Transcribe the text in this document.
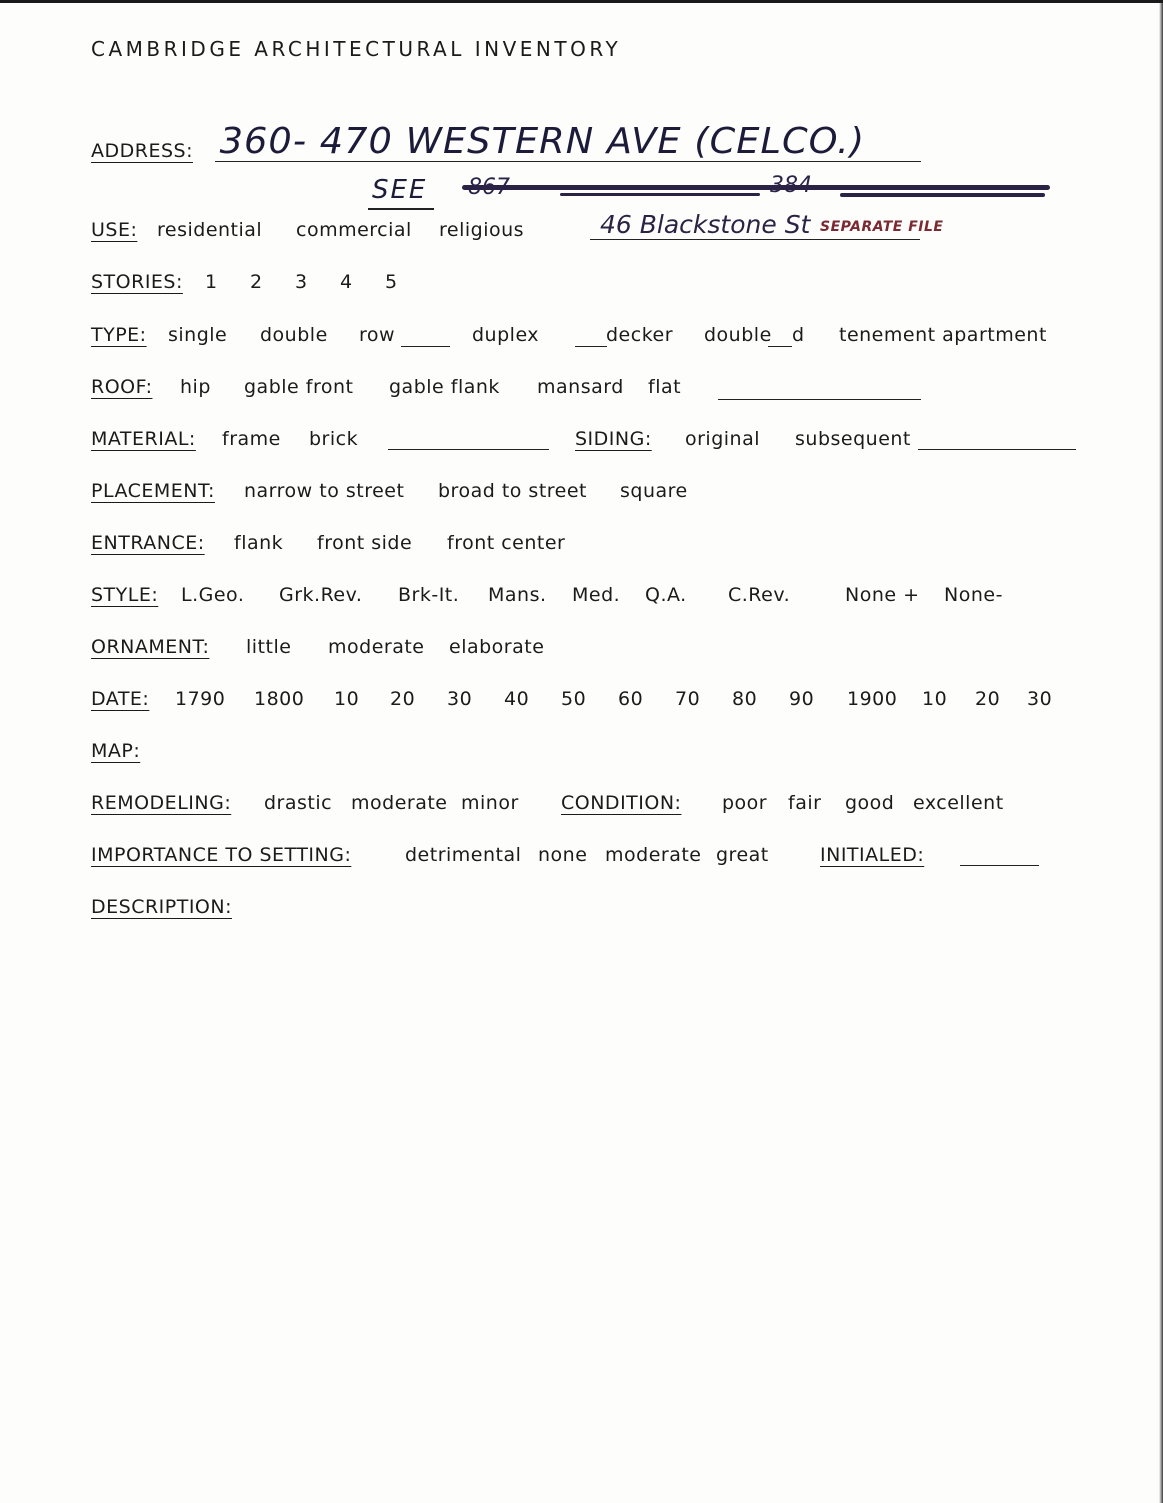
CAMBRIDGE ARCHITECTURAL INVENTORY
ADDRESS: 360- 470 WESTERN AVE (CELCO.)
SEE 867	384
USE: residential commercial religious	46 Blackstone St SEPARATE FILE
STORIES: 1 2 3 4 5
TYPE: single double row	duplex	decker double d tenement apartment
ROOF: hip gable front gable flank mansard flat
MATERIAL: frame brick	SIDING: original subsequent
PLACEMENT: narrow to street broad to street square
ENTRANCE: flank front side front center
STYLE: L.Geo. Grk.Rev. Brk-It. Mans. Med. Q.A. C.Rev.	None + None-
ORNAMENT: little moderate elaborate
DATE: 1790 1800 10 20 30 40 50 60 70 80 90 1900 10 20 30
MAP:
REMODELING: drastic moderate minor CONDITION: poor fair good excellent
IMPORTANCE TO SETTING:	detrimental none moderate great	INITIALED:
DESCRIPTION:
